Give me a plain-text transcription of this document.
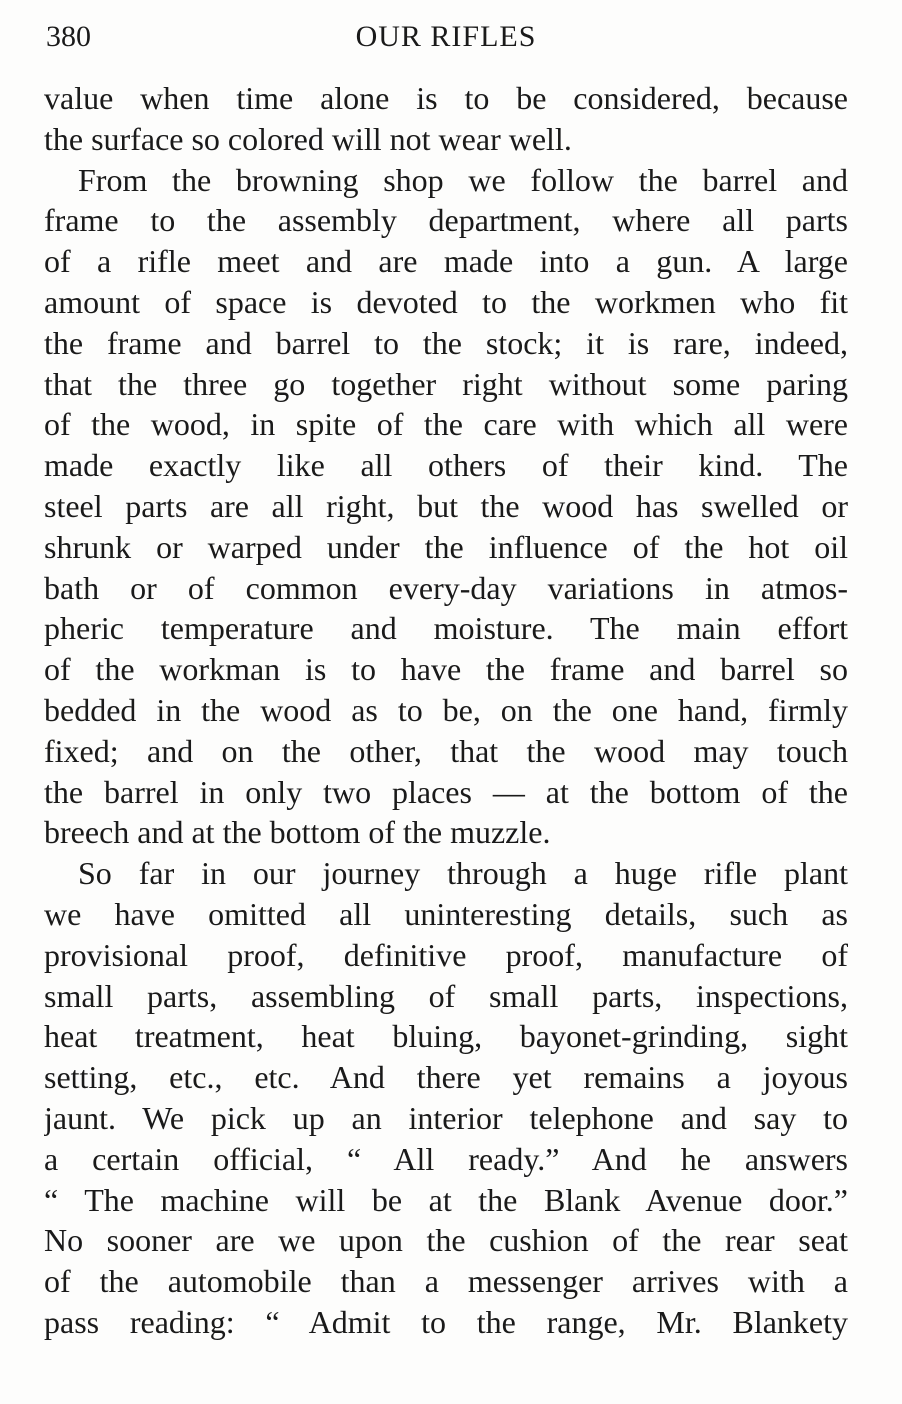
380	OUR RIFLES

value when time alone is to be considered, because
the surface so colored will not wear well.

From the browning shop we follow the barrel and
frame to the assembly department, where all parts
of a rifle meet and are made into a gun. A large
amount of space is devoted to the workmen who fit
the frame and barrel to the stock; it is rare, indeed,
that the three go together right without some paring
of the wood, in spite of the care with which all were
made exactly like all others of their kind. The
steel parts are all right, but the wood has swelled or
shrunk or warped under the influence of the hot oil
bath or of common every-day variations in atmos-
pheric temperature and moisture. The main effort
of the workman is to have the frame and barrel so
bedded in the wood as to be, on the one hand, firmly
fixed; and on the other, that the wood may touch
the barrel in only two places — at the bottom of the
breech and at the bottom of the muzzle.

So far in our journey through a huge rifle plant
we have omitted all uninteresting details, such as
provisional proof, definitive proof, manufacture of
small parts, assembling of small parts, inspections,
heat treatment, heat bluing, bayonet-grinding, sight
setting, etc., etc. And there yet remains a joyous
jaunt. We pick up an interior telephone and say to
a certain official, “ All ready.” And he answers
“ The machine will be at the Blank Avenue door.”
No sooner are we upon the cushion of the rear seat
of the automobile than a messenger arrives with a
pass reading: “ Admit to the range, Mr. Blankety
